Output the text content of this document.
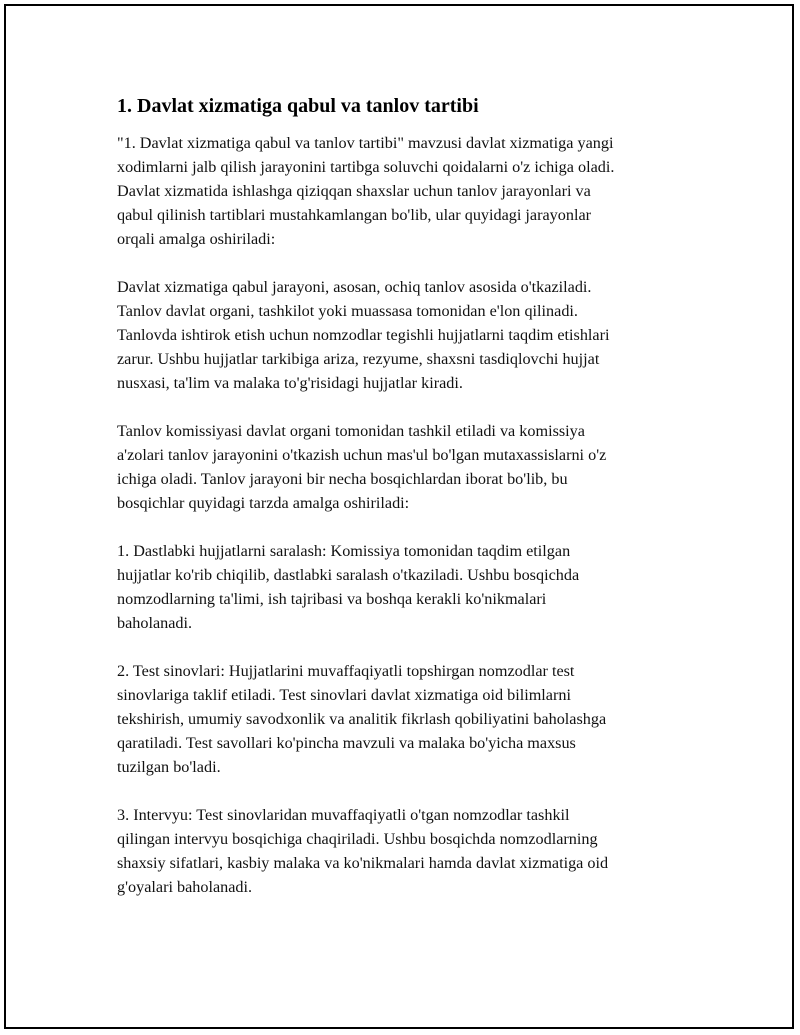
1. Davlat xizmatiga qabul va tanlov tartibi

"1. Davlat xizmatiga qabul va tanlov tartibi" mavzusi davlat xizmatiga yangi
xodimlarni jalb qilish jarayonini tartibga soluvchi qoidalarni o'z ichiga oladi.
Davlat xizmatida ishlashga qiziqqan shaxslar uchun tanlov jarayonlari va
qabul qilinish tartiblari mustahkamlangan bo'lib, ular quyidagi jarayonlar
orqali amalga oshiriladi:

Davlat xizmatiga qabul jarayoni, asosan, ochiq tanlov asosida o'tkaziladi.
Tanlov davlat organi, tashkilot yoki muassasa tomonidan e'lon qilinadi.
Tanlovda ishtirok etish uchun nomzodlar tegishli hujjatlarni taqdim etishlari
zarur. Ushbu hujjatlar tarkibiga ariza, rezyume, shaxsni tasdiqlovchi hujjat
nusxasi, ta'lim va malaka to'g'risidagi hujjatlar kiradi.

Tanlov komissiyasi davlat organi tomonidan tashkil etiladi va komissiya
a'zolari tanlov jarayonini o'tkazish uchun mas'ul bo'lgan mutaxassislarni o'z
ichiga oladi. Tanlov jarayoni bir necha bosqichlardan iborat bo'lib, bu
bosqichlar quyidagi tarzda amalga oshiriladi:

1. Dastlabki hujjatlarni saralash: Komissiya tomonidan taqdim etilgan
hujjatlar ko'rib chiqilib, dastlabki saralash o'tkaziladi. Ushbu bosqichda
nomzodlarning ta'limi, ish tajribasi va boshqa kerakli ko'nikmalari
baholanadi.

2. Test sinovlari: Hujjatlarini muvaffaqiyatli topshirgan nomzodlar test
sinovlariga taklif etiladi. Test sinovlari davlat xizmatiga oid bilimlarni
tekshirish, umumiy savodxonlik va analitik fikrlash qobiliyatini baholashga
qaratiladi. Test savollari ko'pincha mavzuli va malaka bo'yicha maxsus
tuzilgan bo'ladi.

3. Intervyu: Test sinovlaridan muvaffaqiyatli o'tgan nomzodlar tashkil
qilingan intervyu bosqichiga chaqiriladi. Ushbu bosqichda nomzodlarning
shaxsiy sifatlari, kasbiy malaka va ko'nikmalari hamda davlat xizmatiga oid
g'oyalari baholanadi.
